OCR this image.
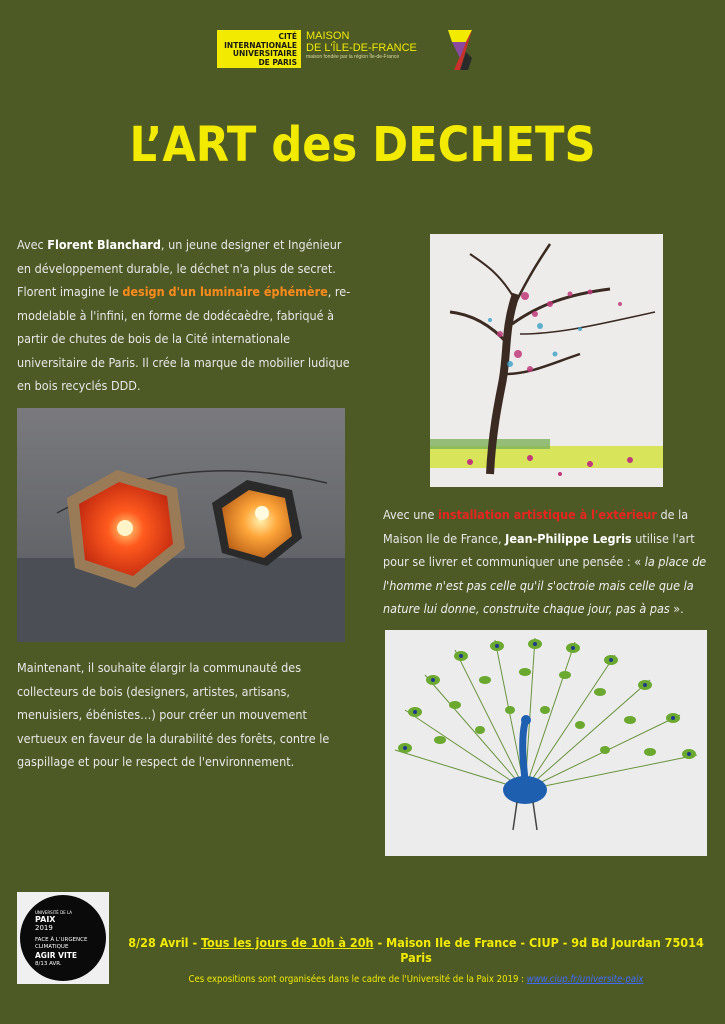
CITÉ
INTERNATIONALE
UNIVERSITAIRE
DE PARIS
MAISON
DE L'ÎLE-DE-FRANCE
maison fondée par la région Île-de-France
L’ART des DECHETS
Avec Florent Blanchard, un jeune designer et Ingénieur en développement durable, le déchet n'a plus de secret. Florent imagine le design d'un luminaire éphémère, re-modelable à l'infini, en forme de dodécaèdre, fabriqué à partir de chutes de bois de la Cité internationale universitaire de Paris. Il crée la marque de mobilier ludique en bois recyclés DDD.
Maintenant, il souhaite élargir la communauté des collecteurs de bois (designers, artistes, artisans, menuisiers, ébénistes…) pour créer un mouvement vertueux en faveur de la durabilité des forêts, contre le gaspillage et pour le respect de l'environnement.
Avec une installation artistique à l'extérieur de la Maison Ile de France, Jean-Philippe Legris utilise l'art pour se livrer et communiquer une pensée : « la place de l'homme n'est pas celle qu'il s'octroie mais celle que la nature lui donne, construite chaque jour, pas à pas ».
UNIVERSITÉ DE LA
PAIX
2019
FACE À L'URGENCE
CLIMATIQUE
AGIR VITE
8/13 AVR.
8/28 Avril - Tous les jours de 10h à 20h - Maison Ile de France - CIUP - 9d Bd Jourdan 75014 Paris
Ces expositions sont organisées dans le cadre de l'Université de la Paix 2019 : www.ciup.fr/universite-paix
